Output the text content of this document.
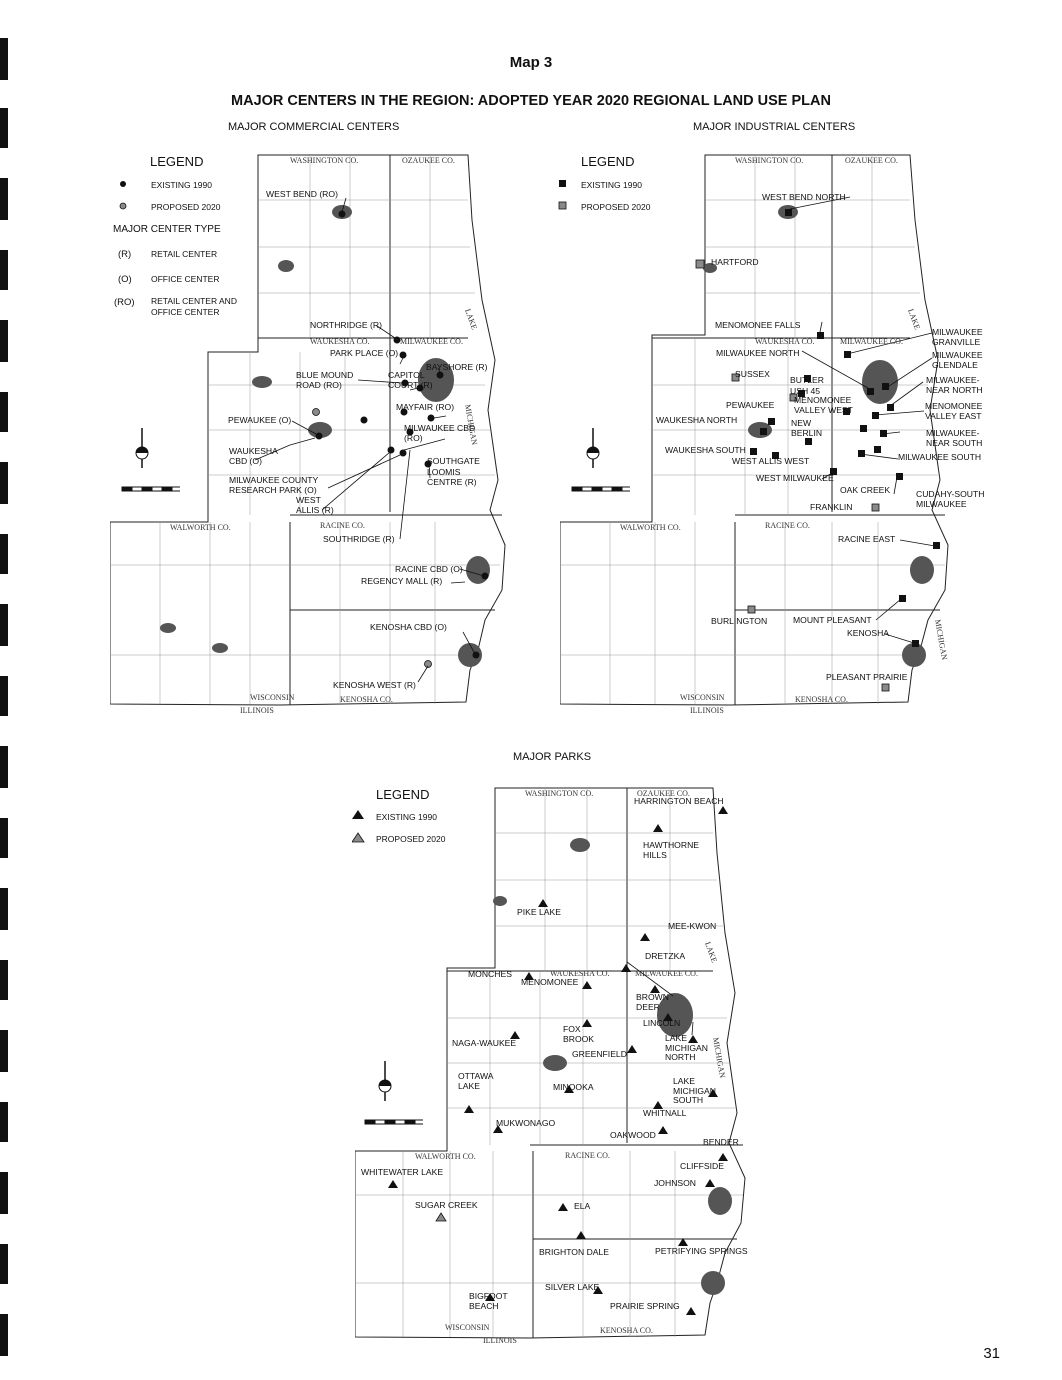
Map 3
MAJOR CENTERS IN THE REGION: ADOPTED YEAR 2020 REGIONAL LAND USE PLAN
MAJOR COMMERCIAL CENTERS	MAJOR INDUSTRIAL CENTERS
MAJOR PARKS
LEGEND
EXISTING 1990
PROPOSED 2020
MAJOR CENTER TYPE
(R) RETAIL CENTER
(O) OFFICE CENTER
(RO) RETAIL CENTER AND OFFICE CENTER
LEGEND
EXISTING 1990
PROPOSED 2020
LEGEND
EXISTING 1990
PROPOSED 2020
WASHINGTON CO.	OZAUKEE CO.
WAUKESHA CO.	MILWAUKEE CO.
WALWORTH CO.	RACINE CO.
KENOSHA CO.
WISCONSIN
ILLINOIS
LAKE
MICHIGAN
WEST BEND (RO)
NORTHRIDGE (R)
PARK PLACE (O)
BAYSHORE (R)
BLUE MOUND ROAD (RO)
CAPITOL COURT (R)
MAYFAIR (RO)
PEWAUKEE (O)
MILWAUKEE CBD (RO)
WAUKESHA CBD (O)	SOUTHGATE
LOOMIS CENTRE (R)
MILWAUKEE COUNTY RESEARCH PARK (O)
WEST ALLIS (R)
SOUTHRIDGE (R)
RACINE CBD (O)
REGENCY MALL (R)
KENOSHA CBD (O)
KENOSHA WEST (R)
WASHINGTON CO.	OZAUKEE CO.
WAUKESHA CO.	MILWAUKEE CO.
WALWORTH CO.	RACINE CO.
KENOSHA CO.
WISCONSIN
ILLINOIS
LAKE
MICHIGAN
WEST BEND NORTH
HARTFORD
MENOMONEE FALLS
MILWAUKEE GRANVILLE
MILWAUKEE NORTH	MILWAUKEE GLENDALE
SUSSEX
BUTLER
USH 45
MILWAUKEE-NEAR NORTH
PEWAUKEE MENOMONEE VALLEY WEST	MENOMONEE VALLEY EAST
WAUKESHA NORTH	NEW BERLIN	MILWAUKEE-NEAR SOUTH
WAUKESHA SOUTH
WEST ALLIS WEST	MILWAUKEE SOUTH
WEST MILWAUKEE
OAK CREEK	CUDAHY-SOUTH MILWAUKEE
FRANKLIN
RACINE EAST
BURLINGTON	MOUNT PLEASANT
KENOSHA
PLEASANT PRAIRIE
WASHINGTON CO.	OZAUKEE CO.
WAUKESHA CO.	MILWAUKEE CO.
WALWORTH CO.	RACINE CO.
KENOSHA CO.
WISCONSIN
ILLINOIS
LAKE
MICHIGAN
HARRINGTON BEACH
HAWTHORNE HILLS
PIKE LAKE
MEE-KWON
DRETZKA
MONCHES
MENOMONEE
BROWN DEER
LINCOLN
FOX BROOK	LAKE MICHIGAN NORTH
NAGA-WAUKEE
GREENFIELD
OTTAWA LAKE	MINOOKA
LAKE MICHIGAN SOUTH
WHITNALL
MUKWONAGO
OAKWOOD
BENDER
WHITEWATER LAKE
CLIFFSIDE
JOHNSON
SUGAR CREEK	ELA
BRIGHTON DALE	PETRIFYING SPRINGS
SILVER LAKE
BIGFOOT BEACH	PRAIRIE SPRING
31
